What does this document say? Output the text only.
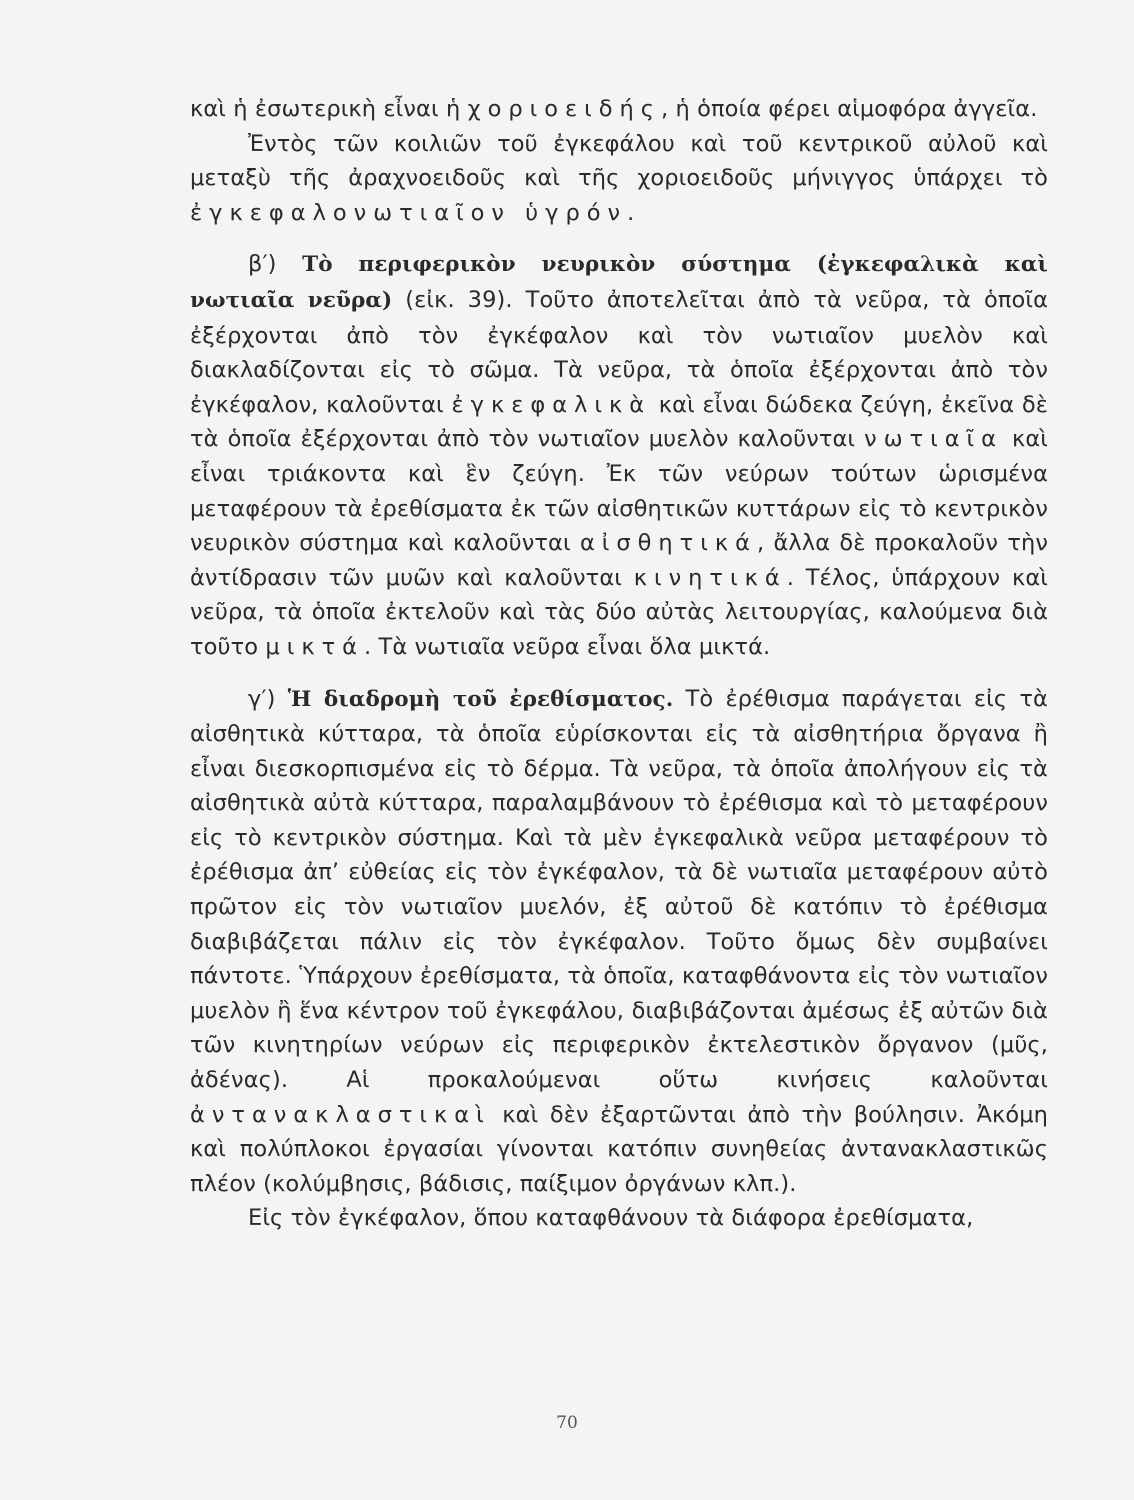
καὶ ἡ ἐσωτερικὴ εἶναι ἡ χοριοειδής, ἡ ὁποία φέρει αἱμοφόρα ἀγγεῖα.

Ἐντὸς τῶν κοιλιῶν τοῦ ἐγκεφάλου καὶ τοῦ κεντρικοῦ αὐλοῦ καὶ μεταξὺ τῆς ἀραχνοειδοῦς καὶ τῆς χοριοειδοῦς μήνιγγος ὑπάρχει τὸ ἐγκεφαλονωτιαῖον ὑγρόν.

β′) Τὸ περιφερικὸν νευρικὸν σύστημα (ἐγκεφαλικὰ καὶ νωτιαῖα νεῦρα) (εἰκ. 39). Τοῦτο ἀποτελεῖται ἀπὸ τὰ νεῦρα, τὰ ὁποῖα ἐξέρχονται ἀπὸ τὸν ἐγκέφαλον καὶ τὸν νωτιαῖον μυελὸν καὶ διακλαδίζονται εἰς τὸ σῶμα. Τὰ νεῦρα, τὰ ὁποῖα ἐξέρχονται ἀπὸ τὸν ἐγκέφαλον, καλοῦνται ἐγκεφαλικὰ καὶ εἶναι δώδεκα ζεύγη, ἐκεῖνα δὲ τὰ ὁποῖα ἐξέρχονται ἀπὸ τὸν νωτιαῖον μυελὸν καλοῦνται νωτιαῖα καὶ εἶναι τριάκοντα καὶ ἓν ζεύγη. Ἐκ τῶν νεύρων τούτων ὡρισμένα μεταφέρουν τὰ ἐρεθίσματα ἐκ τῶν αἰσθητικῶν κυττάρων εἰς τὸ κεντρικὸν νευρικὸν σύστημα καὶ καλοῦνται αἰσθητικά, ἄλλα δὲ προκαλοῦν τὴν ἀντίδρασιν τῶν μυῶν καὶ καλοῦνται κινητικά. Τέλος, ὑπάρχουν καὶ νεῦρα, τὰ ὁποῖα ἐκτελοῦν καὶ τὰς δύο αὐτὰς λειτουργίας, καλούμενα διὰ τοῦτο μικτά. Τὰ νωτιαῖα νεῦρα εἶναι ὅλα μικτά.

γ′) Ἡ διαδρομὴ τοῦ ἐρεθίσματος. Τὸ ἐρέθισμα παράγεται εἰς τὰ αἰσθητικὰ κύτταρα, τὰ ὁποῖα εὑρίσκονται εἰς τὰ αἰσθητήρια ὄργανα ἢ εἶναι διεσκορπισμένα εἰς τὸ δέρμα. Τὰ νεῦρα, τὰ ὁποῖα ἀπολήγουν εἰς τὰ αἰσθητικὰ αὐτὰ κύτταρα, παραλαμβάνουν τὸ ἐρέθισμα καὶ τὸ μεταφέρουν εἰς τὸ κεντρικὸν σύστημα. Καὶ τὰ μὲν ἐγκεφαλικὰ νεῦρα μεταφέρουν τὸ ἐρέθισμα ἀπ’ εὐθείας εἰς τὸν ἐγκέφαλον, τὰ δὲ νωτιαῖα μεταφέρουν αὐτὸ πρῶτον εἰς τὸν νωτιαῖον μυελόν, ἐξ αὐτοῦ δὲ κατόπιν τὸ ἐρέθισμα διαβιβάζεται πάλιν εἰς τὸν ἐγκέφαλον. Τοῦτο ὅμως δὲν συμβαίνει πάντοτε. Ὑπάρχουν ἐρεθίσματα, τὰ ὁποῖα, καταφθάνοντα εἰς τὸν νωτιαῖον μυελὸν ἢ ἕνα κέντρον τοῦ ἐγκεφάλου, διαβιβάζονται ἀμέσως ἐξ αὐτῶν διὰ τῶν κινητηρίων νεύρων εἰς περιφερικὸν ἐκτελεστικὸν ὄργανον (μῦς, ἀδένας). Αἱ προκαλούμεναι οὕτω κινήσεις καλοῦνται ἀντανακλαστικαὶ καὶ δὲν ἐξαρτῶνται ἀπὸ τὴν βούλησιν. Ἀκόμη καὶ πολύπλοκοι ἐργασίαι γίνονται κατόπιν συνηθείας ἀντανακλαστικῶς πλέον (κολύμβησις, βάδισις, παίξιμον ὀργάνων κλπ.).

Εἰς τὸν ἐγκέφαλον, ὅπου καταφθάνουν τὰ διάφορα ἐρεθίσματα,

70
